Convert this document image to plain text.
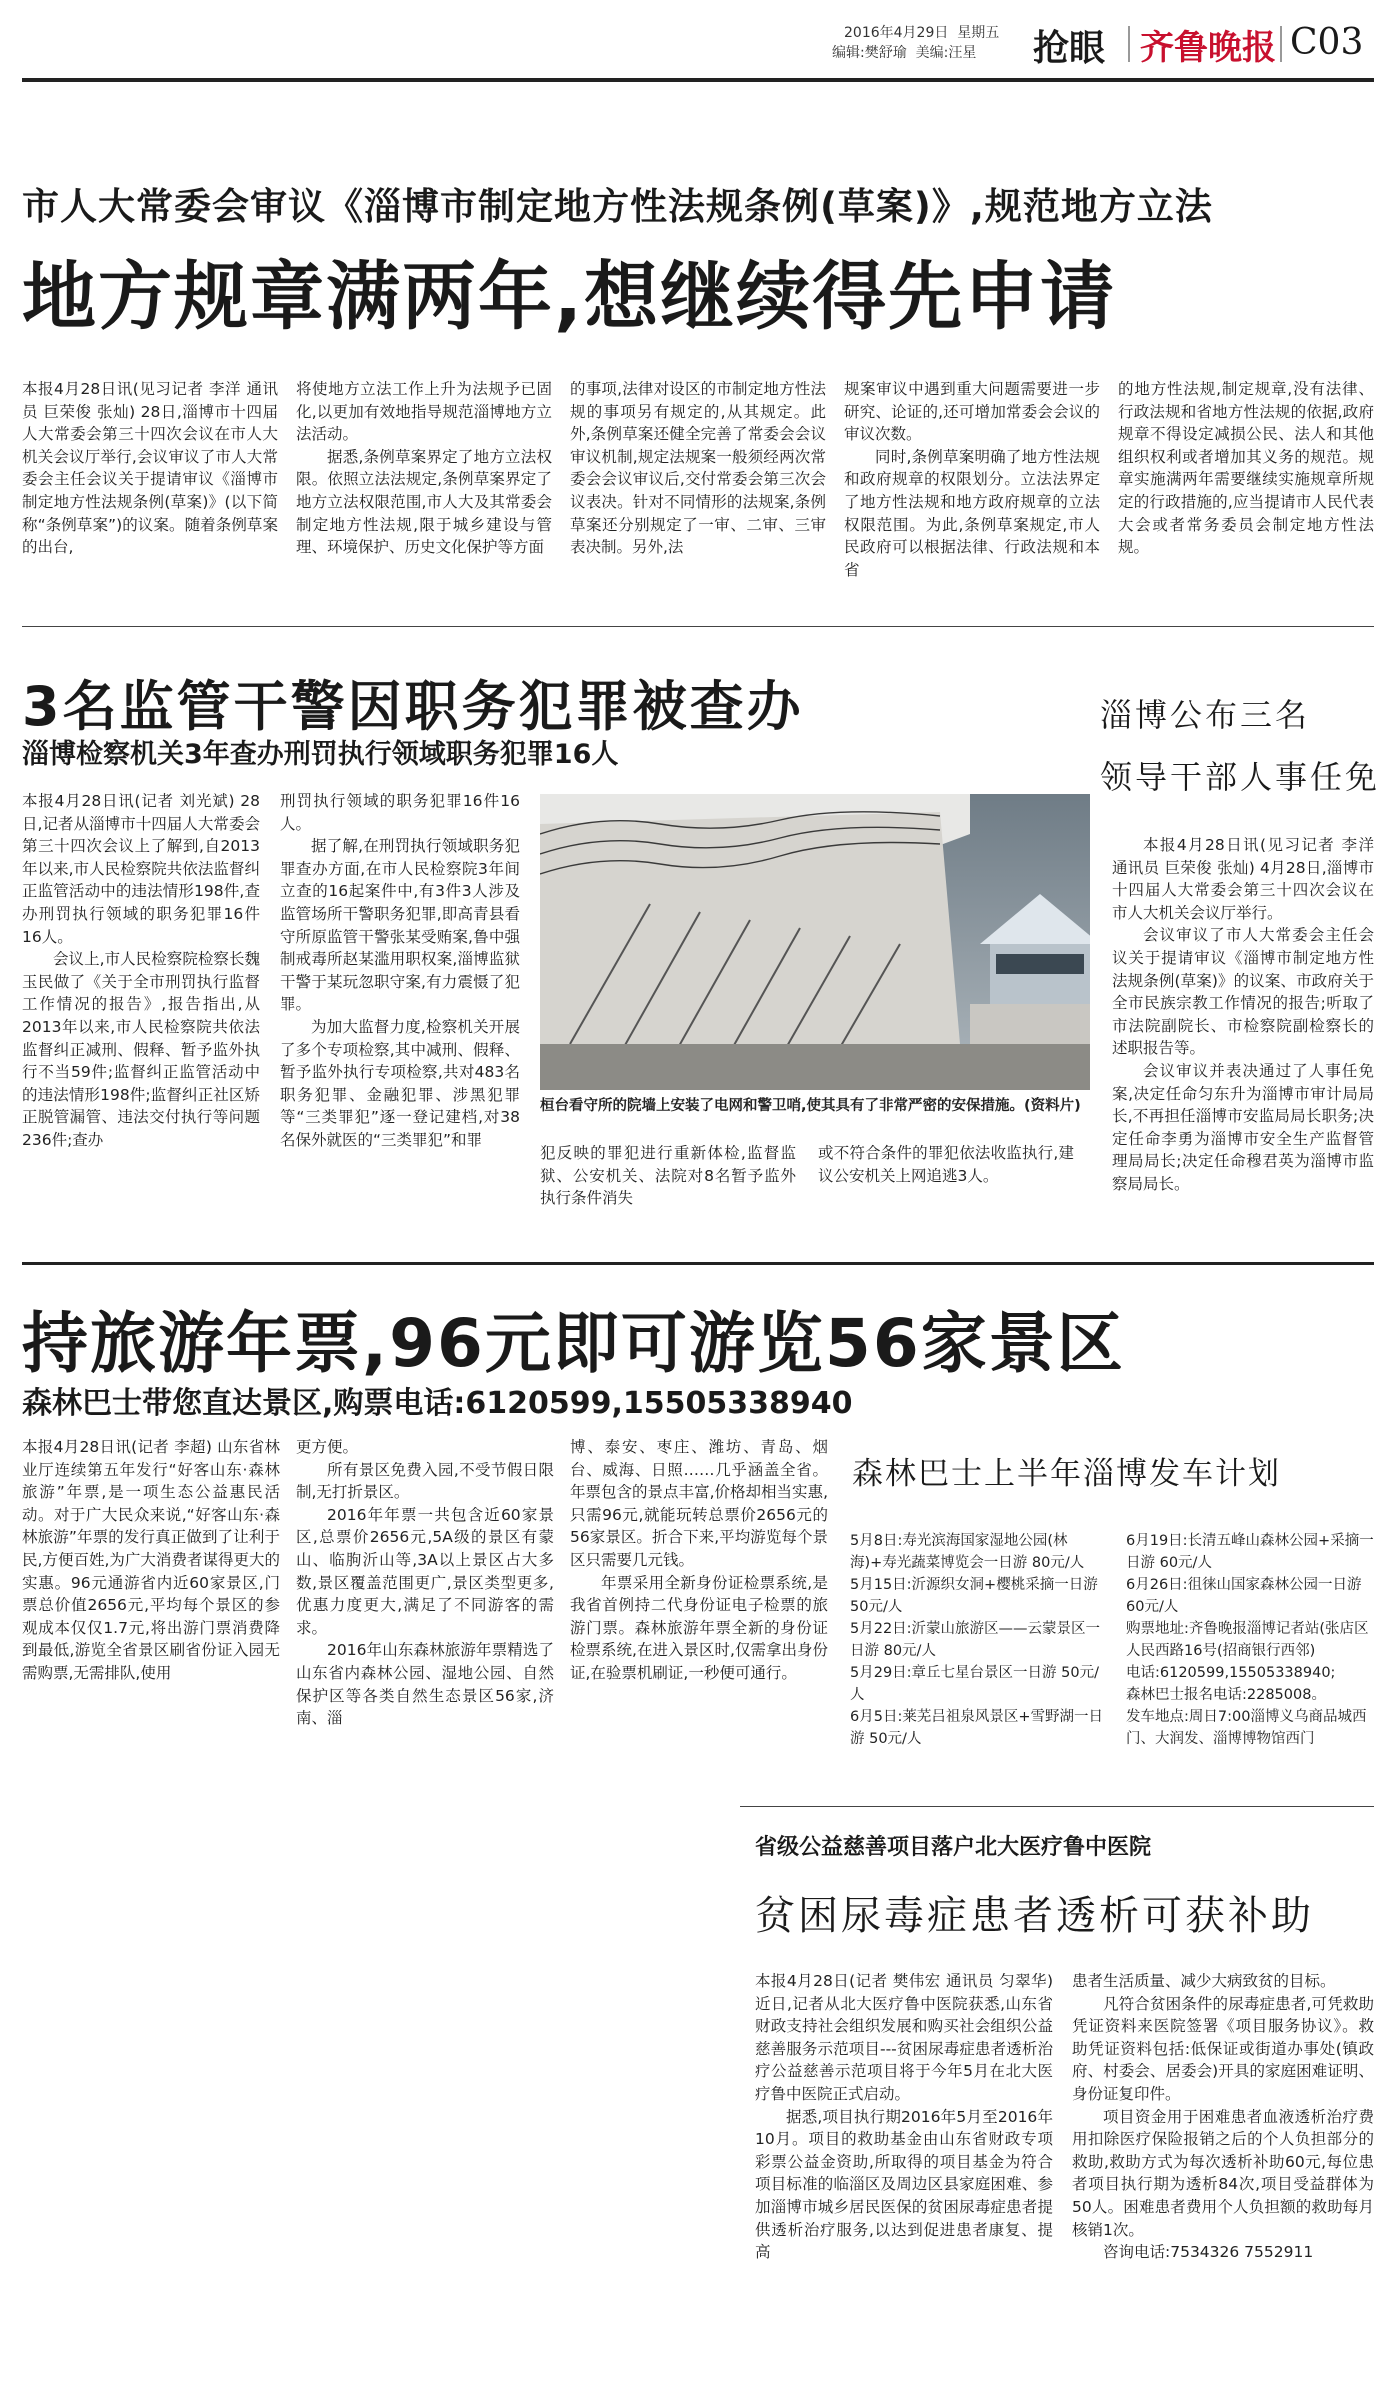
2016年4月29日 星期五
编辑:樊舒瑜 美编:汪星 抢眼 齐鲁晚报 C03
市人大常委会审议《淄博市制定地方性法规条例(草案)》,规范地方立法
地方规章满两年,想继续得先申请

本报4月28日讯(见习记者 李洋 通讯员 巨荣俊 张灿) 28日,淄博市十四届人大常委会第三十四次会议在市人大机关会议厅举行,会议审议了市人大常委会主任会议关于提请审议《淄博市制定地方性法规条例(草案)》(以下简称“条例草案”)的议案。随着条例草案的出台,

将使地方立法工作上升为法规予已固化,以更加有效地指导规范淄博地方立法活动。

据悉,条例草案界定了地方立法权限。依照立法法规定,条例草案界定了地方立法权限范围,市人大及其常委会制定地方性法规,限于城乡建设与管理、环境保护、历史文化保护等方面

的事项,法律对设区的市制定地方性法规的事项另有规定的,从其规定。此外,条例草案还健全完善了常委会会议审议机制,规定法规案一般须经两次常委会会议审议后,交付常委会第三次会议表决。针对不同情形的法规案,条例草案还分别规定了一审、二审、三审表决制。另外,法

规案审议中遇到重大问题需要进一步研究、论证的,还可增加常委会会议的审议次数。

同时,条例草案明确了地方性法规和政府规章的权限划分。立法法界定了地方性法规和地方政府规章的立法权限范围。为此,条例草案规定,市人民政府可以根据法律、行政法规和本省

的地方性法规,制定规章,没有法律、行政法规和省地方性法规的依据,政府规章不得设定减损公民、法人和其他组织权利或者增加其义务的规范。规章实施满两年需要继续实施规章所规定的行政措施的,应当提请市人民代表大会或者常务委员会制定地方性法规。

3名监管干警因职务犯罪被查办
淄博检察机关3年查办刑罚执行领域职务犯罪16人

本报4月28日讯(记者 刘光斌) 28日,记者从淄博市十四届人大常委会第三十四次会议上了解到,自2013年以来,市人民检察院共依法监督纠正监管活动中的违法情形198件,查办刑罚执行领域的职务犯罪16件16人。

会议上,市人民检察院检察长魏玉民做了《关于全市刑罚执行监督工作情况的报告》,报告指出,从2013年以来,市人民检察院共依法监督纠正减刑、假释、暂予监外执行不当59件;监督纠正监管活动中的违法情形198件;监督纠正社区矫正脱管漏管、违法交付执行等问题236件;查办

刑罚执行领域的职务犯罪16件16人。

据了解,在刑罚执行领域职务犯罪查办方面,在市人民检察院3年间立查的16起案件中,有3件3人涉及监管场所干警职务犯罪,即高青县看守所原监管干警张某受贿案,鲁中强制戒毒所赵某滥用职权案,淄博监狱干警于某玩忽职守案,有力震慑了犯罪。

为加大监督力度,检察机关开展了多个专项检察,其中减刑、假释、暂予监外执行专项检察,共对483名职务犯罪、金融犯罪、涉黑犯罪等“三类罪犯”逐一登记建档,对38名保外就医的“三类罪犯”和罪

桓台看守所的院墙上安装了电网和警卫哨,使其具有了非常严密的安保措施。(资料片)

犯反映的罪犯进行重新体检,监督监狱、公安机关、法院对8名暂予监外执行条件消失

或不符合条件的罪犯依法收监执行,建议公安机关上网追逃3人。

淄博公布三名
领导干部人事任免

本报4月28日讯(见习记者 李洋 通讯员 巨荣俊 张灿) 4月28日,淄博市十四届人大常委会第三十四次会议在市人大机关会议厅举行。

会议审议了市人大常委会主任会议关于提请审议《淄博市制定地方性法规条例(草案)》的议案、市政府关于全市民族宗教工作情况的报告;听取了市法院副院长、市检察院副检察长的述职报告等。

会议审议并表决通过了人事任免案,决定任命匀东升为淄博市审计局局长,不再担任淄博市安监局局长职务;决定任命李勇为淄博市安全生产监督管理局局长;决定任命穆君英为淄博市监察局局长。

持旅游年票,96元即可游览56家景区
森林巴士带您直达景区,购票电话:6120599,15505338940

本报4月28日讯(记者 李超) 山东省林业厅连续第五年发行“好客山东·森林旅游”年票,是一项生态公益惠民活动。对于广大民众来说,“好客山东·森林旅游”年票的发行真正做到了让利于民,方便百姓,为广大消费者谋得更大的实惠。96元通游省内近60家景区,门票总价值2656元,平均每个景区的参观成本仅仅1.7元,将出游门票消费降到最低,游览全省景区刷省份证入园无需购票,无需排队,使用

更方便。

所有景区免费入园,不受节假日限制,无打折景区。

2016年年票一共包含近60家景区,总票价2656元,5A级的景区有蒙山、临朐沂山等,3A以上景区占大多数,景区覆盖范围更广,景区类型更多,优惠力度更大,满足了不同游客的需求。

2016年山东森林旅游年票精选了山东省内森林公园、湿地公园、自然保护区等各类自然生态景区56家,济南、淄

博、泰安、枣庄、潍坊、青岛、烟台、威海、日照……几乎涵盖全省。年票包含的景点丰富,价格却相当实惠,只需96元,就能玩转总票价2656元的56家景区。折合下来,平均游览每个景区只需要几元钱。

年票采用全新身份证检票系统,是我省首例持二代身份证电子检票的旅游门票。森林旅游年票全新的身份证检票系统,在进入景区时,仅需拿出身份证,在验票机刷证,一秒便可通行。

森林巴士上半年淄博发车计划
5月8日:寿光滨海国家湿地公园(林海)+寿光蔬菜博览会一日游 80元/人
5月15日:沂源织女洞+樱桃采摘一日游 50元/人
5月22日:沂蒙山旅游区——云蒙景区一日游 80元/人
5月29日:章丘七星台景区一日游 50元/人
6月5日:莱芜吕祖泉风景区+雪野湖一日游 50元/人
6月19日:长清五峰山森林公园+采摘一日游 60元/人
6月26日:徂徕山国家森林公园一日游 60元/人
购票地址:齐鲁晚报淄博记者站(张店区人民西路16号(招商银行西邻)
电话:6120599,15505338940;
森林巴士报名电话:2285008。
发车地点:周日7:00淄博义乌商品城西门、大润发、淄博博物馆西门
省级公益慈善项目落户北大医疗鲁中医院
贫困尿毒症患者透析可获补助

本报4月28日(记者 樊伟宏 通讯员 匀翠华) 近日,记者从北大医疗鲁中医院获悉,山东省财政支持社会组织发展和购买社会组织公益慈善服务示范项目---贫困尿毒症患者透析治疗公益慈善示范项目将于今年5月在北大医疗鲁中医院正式启动。

据悉,项目执行期2016年5月至2016年10月。项目的救助基金由山东省财政专项彩票公益金资助,所取得的项目基金为符合项目标准的临淄区及周边区县家庭困难、参加淄博市城乡居民医保的贫困尿毒症患者提供透析治疗服务,以达到促进患者康复、提高

患者生活质量、减少大病致贫的目标。

凡符合贫困条件的尿毒症患者,可凭救助凭证资料来医院签署《项目服务协议》。救助凭证资料包括:低保证或街道办事处(镇政府、村委会、居委会)开具的家庭困难证明、身份证复印件。

项目资金用于困难患者血液透析治疗费用扣除医疗保险报销之后的个人负担部分的救助,救助方式为每次透析补助60元,每位患者项目执行期为透析84次,项目受益群体为50人。困难患者费用个人负担额的救助每月核销1次。

咨询电话:7534326 7552911
